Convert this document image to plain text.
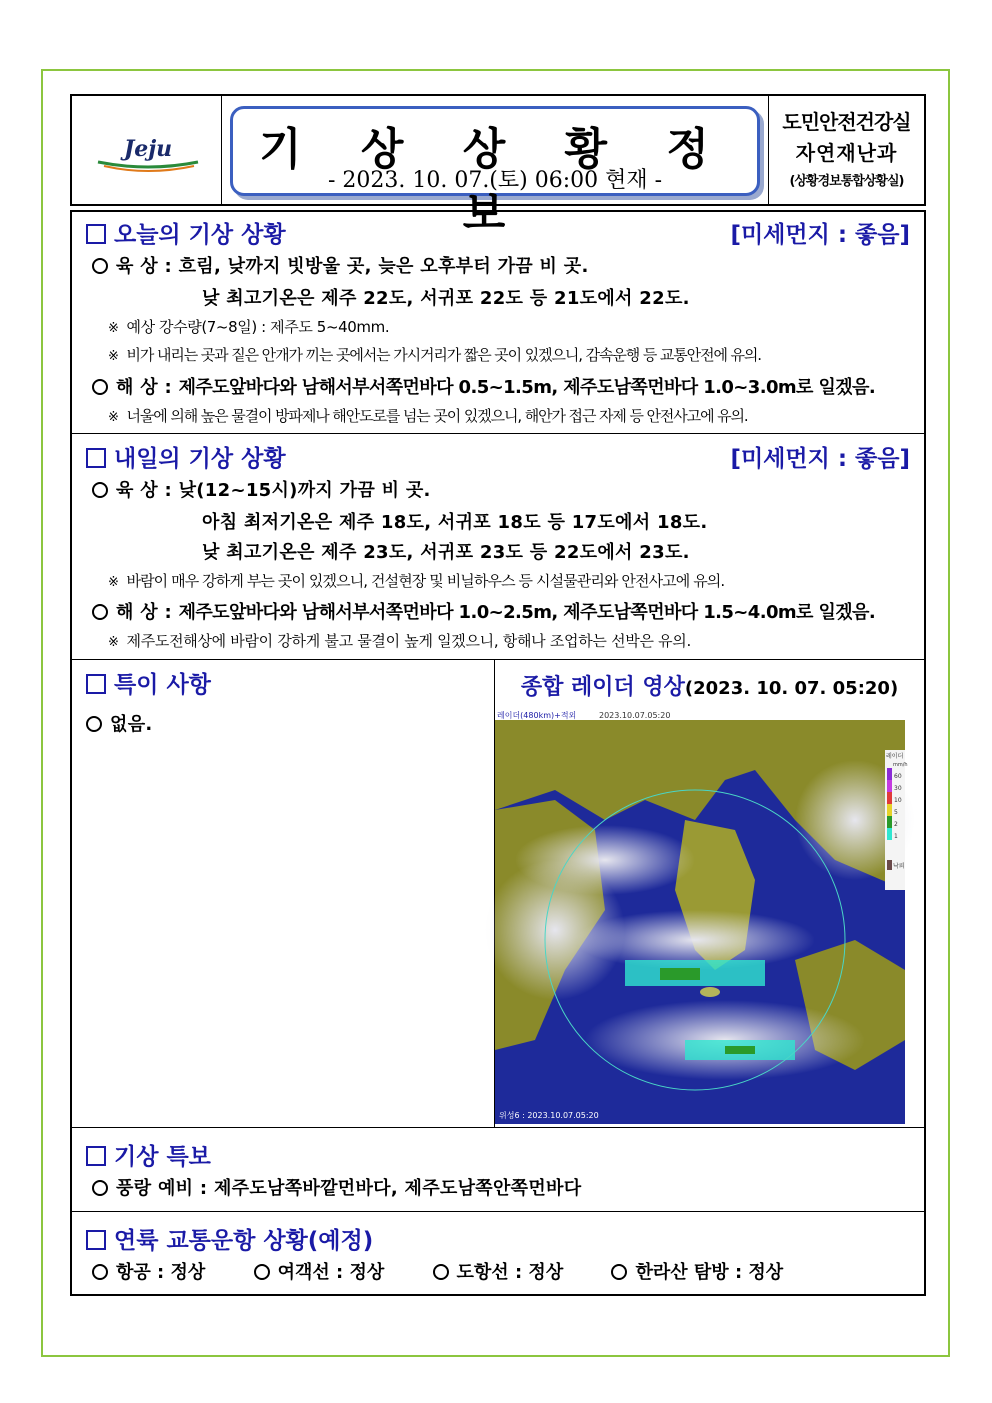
Jeju	기 상 상 황 정 보
- 2023. 10. 07.(토) 06:00 현재 -
도민안전건강실
자연재난과
(상황경보통합상황실)
오늘의 기상 상황	[미세먼지 : 좋음]
육 상 : 흐림, 낮까지 빗방울 곳, 늦은 오후부터 가끔 비 곳.
낮 최고기온은 제주 22도, 서귀포 22도 등 21도에서 22도.
※ 예상 강수량(7~8일) : 제주도 5~40mm.
※ 비가 내리는 곳과 짙은 안개가 끼는 곳에서는 가시거리가 짧은 곳이 있겠으니, 감속운행 등 교통안전에 유의.
해 상 : 제주도앞바다와 남해서부서쪽먼바다 0.5~1.5m, 제주도남쪽먼바다 1.0~3.0m로 일겠음.
※ 너울에 의해 높은 물결이 방파제나 해안도로를 넘는 곳이 있겠으니, 해안가 접근 자제 등 안전사고에 유의.
내일의 기상 상황	[미세먼지 : 좋음]
육 상 : 낮(12~15시)까지 가끔 비 곳.
아침 최저기온은 제주 18도, 서귀포 18도 등 17도에서 18도.
낮 최고기온은 제주 23도, 서귀포 23도 등 22도에서 23도.
※ 바람이 매우 강하게 부는 곳이 있겠으니, 건설현장 및 비닐하우스 등 시설물관리와 안전사고에 유의.
해 상 : 제주도앞바다와 남해서부서쪽먼바다 1.0~2.5m, 제주도남쪽먼바다 1.5~4.0m로 일겠음.
※ 제주도전해상에 바람이 강하게 불고 물결이 높게 일겠으니, 항해나 조업하는 선박은 유의.
특이 사항
없음.
종합 레이더 영상(2023. 10. 07. 05:20)
레이더(480km)+적외	2023.10.07.05:20
위성6 : 2023.10.07.05:20
레이더
mm/h
60
30
10
5
2
1
낙뢰
기상 특보
풍랑 예비 : 제주도남쪽바깥먼바다, 제주도남쪽안쪽먼바다
연륙 교통운항 상황(예정)
항공 : 정상	여객선 : 정상	도항선 : 정상	한라산 탐방 : 정상
